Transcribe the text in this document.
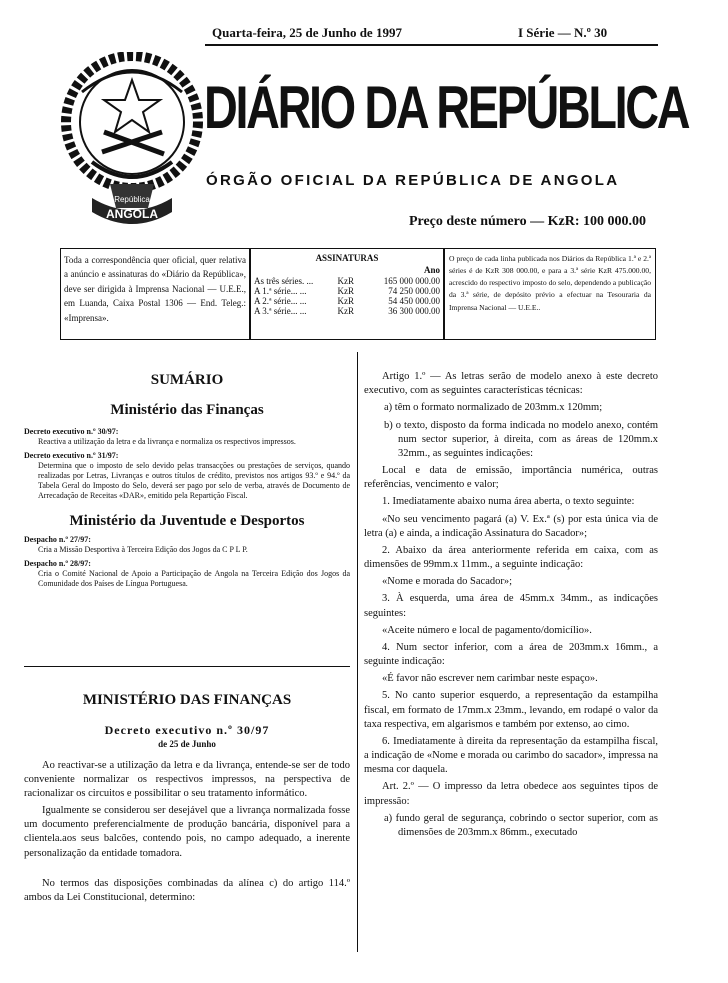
República
ANGOLA
Quarta-feira, 25 de Junho de 1997	I Série — N.º 30
DIÁRIO DA REPÚBLICA
ÓRGÃO OFICIAL DA REPÚBLICA DE ANGOLA
Preço deste número — KzR: 100 000.00

Toda a correspondência quer oficial, quer relativa a anúncio e assinaturas do «Diário da República», deve ser dirigida à Imprensa Nacional — U.E.E., em Luanda, Caixa Postal 1306 — End. Teleg.: «Imprensa».

ASSINATURAS
Ano
As três séries. ...	KzR	165 000 000.00
A 1.ª série... ...	KzR	74 250 000.00
A 2.ª série... ...	KzR	54 450 000.00
A 3.ª série... ...	KzR	36 300 000.00

O preço de cada linha publicada nos Diários da República 1.ª e 2.ª séries é de KzR 308 000.00, e para a 3.ª série KzR 475.000.00, acrescido do respectivo imposto do selo, dependendo a publicação da 3.ª série, de depósito prévio a efectuar na Tesouraria da Imprensa Nacional — U.E.E..

SUMÁRIO
Ministério das Finanças
Decreto executivo n.º 30/97:
Reactiva a utilização da letra e da livrança e normaliza os respectivos impressos.
Decreto executivo n.º 31/97:
Determina que o imposto de selo devido pelas transacções ou prestações de serviços, quando realizadas por Letras, Livranças e outros títulos de crédito, previstos nos artigos 93.º e 94.º da Tabela Geral do Imposto do Selo, deverá ser pago por selo de verba, através de Documento de Arrecadação de Receitas «DAR», emitido pela Repartição Fiscal.
Ministério da Juventude e Desportos
Despacho n.º 27/97:
Cria a Missão Desportiva à Terceira Edição dos Jogos da C P L P.
Despacho n.º 28/97:
Cria o Comité Nacional de Apoio a Participação de Angola na Terceira Edição dos Jogos da Comunidade dos Países de Língua Portuguesa.
MINISTÉRIO DAS FINANÇAS
Decreto executivo n.º 30/97
de 25 de Junho

Ao reactivar-se a utilização da letra e da livrança, entende-se ser de todo conveniente normalizar os respectivos impressos, na perspectiva de racionalizar os circuitos e possibilitar o seu tratamento informático.

Igualmente se considerou ser desejável que a livrança normalizada fosse um documento preferencialmente de produção bancária, disponível para a clientela.aos seus balcões, contendo pois, no campo adequado, a inerente personalização da entidade tomadora.

No termos das disposições combinadas da alínea c) do artigo 114.º ambos da Lei Constitucional, determino:

Artigo 1.º — As letras serão de modelo anexo à este decreto executivo, com as seguintes características técnicas:

a) têm o formato normalizado de 203mm.x 120mm;

b) o texto, disposto da forma indicada no modelo anexo, contém num sector superior, à direita, com as áreas de 120mm.x 32mm., as seguintes indicações:

Local e data de emissão, importância numérica, outras referências, vencimento e valor;

1. Imediatamente abaixo numa área aberta, o texto seguinte:

«No seu vencimento pagará (a) V. Ex.ª (s) por esta única via de letra (a) e ainda, a indicação Assinatura do Sacador»;

2. Abaixo da área anteriormente referida em caixa, com as dimensões de 99mm.x 11mm., a seguinte indicação:

«Nome e morada do Sacador»;

3. À esquerda, uma área de 45mm.x 34mm., as indicações seguintes:

«Aceite número e local de pagamento/domicílio».

4. Num sector inferior, com a área de 203mm.x 16mm., a seguinte indicação:

«É favor não escrever nem carimbar neste espaço».

5. No canto superior esquerdo, a representação da estampilha fiscal, em formato de 17mm.x 23mm., levando, em rodapé o valor da taxa respectiva, em algarismos e também por extenso, ao cimo.

6. Imediatamente à direita da representação da estampilha fiscal, a indicação de «Nome e morada ou carimbo do sacador», impressa na mesma cor daquela.

Art. 2.º — O impresso da letra obedece aos seguintes tipos de impressão:

a) fundo geral de segurança, cobrindo o sector superior, com as dimensões de 203mm.x 86mm., executado
